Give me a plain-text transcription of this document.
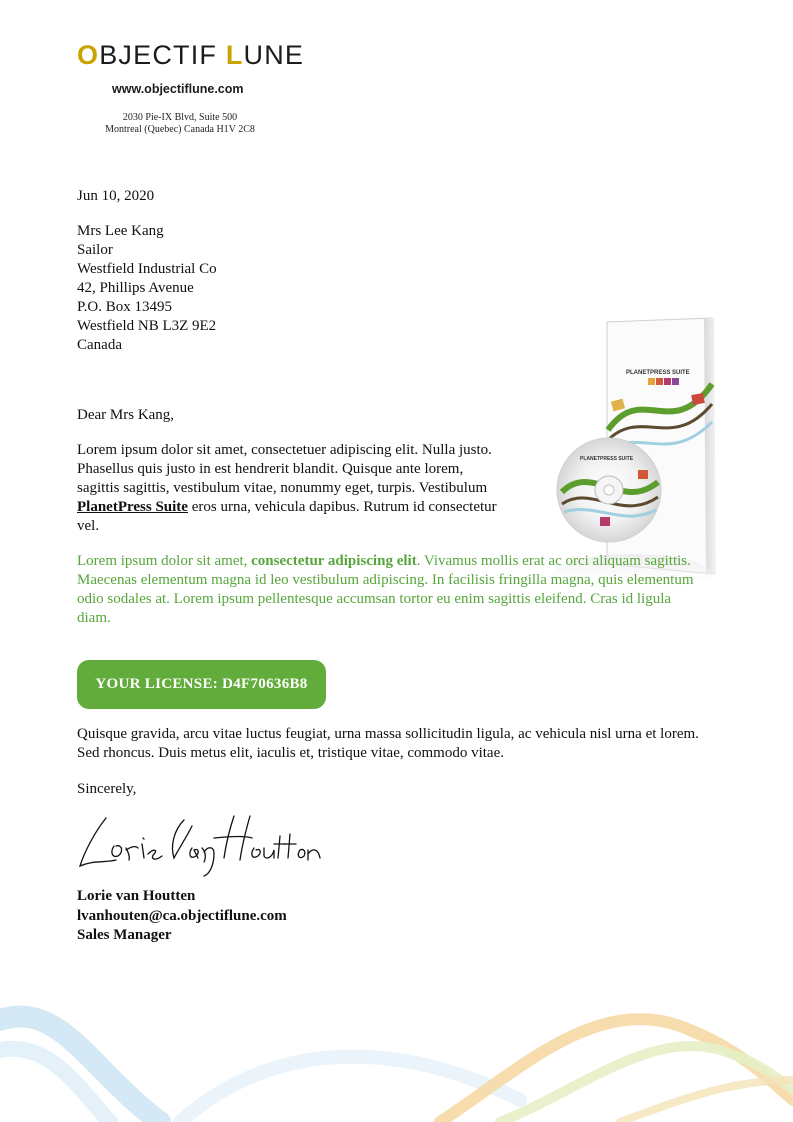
OBJECTIF LUNE
www.objectiflune.com
2030 Pie-IX Blvd, Suite 500
Montreal (Quebec) Canada H1V 2C8
Jun 10, 2020
Mrs Lee Kang
Sailor
Westfield Industrial Co
42, Phillips Avenue
P.O. Box 13495
Westfield NB L3Z 9E2
Canada
PLANETPRESS SUITE
PLANETPRESS SUITE
Dear Mrs Kang,
Lorem ipsum dolor sit amet, consectetuer adipiscing elit. Nulla justo. Phasellus quis justo in est hendrerit blandit. Quisque ante lorem, sagittis sagittis, vestibulum vitae, nonummy eget, turpis. Vestibulum PlanetPress Suite eros urna, vehicula dapibus. Rutrum id consectetur vel.
Lorem ipsum dolor sit amet, consectetur adipiscing elit. Vivamus mollis erat ac orci aliquam sagittis. Maecenas elementum magna id leo vestibulum adipiscing. In facilisis fringilla magna, quis elementum odio sodales at. Lorem ipsum pellentesque accumsan tortor eu enim sagittis eleifend. Cras id ligula diam.
YOUR LICENSE: D4F70636B8
Quisque gravida, arcu vitae luctus feugiat, urna massa sollicitudin ligula, ac vehicula nisl urna et lorem. Sed rhoncus. Duis metus elit, iaculis et, tristique vitae, commodo vitae.
Sincerely,
Lorie van Houtten
lvanhouten@ca.objectiflune.com
Sales Manager
